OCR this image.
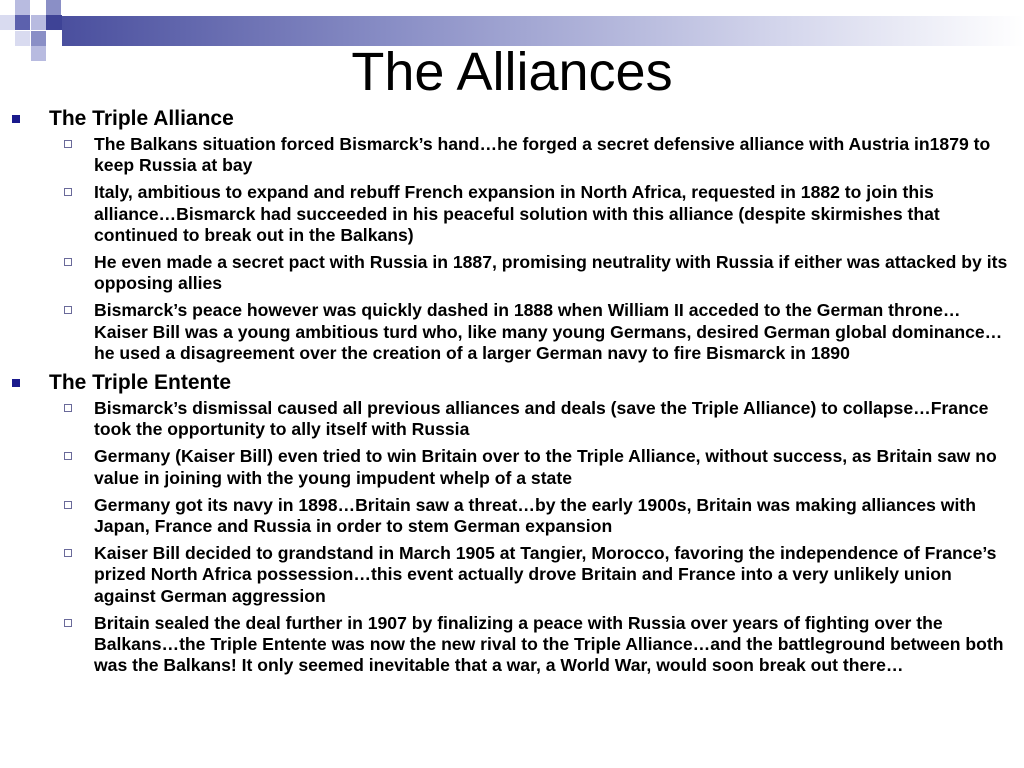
The Alliances
The Triple Alliance
The Balkans situation forced Bismarck’s hand…he forged a secret defensive alliance with Austria in1879 to keep Russia at bay
Italy, ambitious to expand and rebuff French expansion in North Africa, requested in 1882 to join this alliance…Bismarck had succeeded in his peaceful solution with this alliance (despite skirmishes that continued to break out in the Balkans)
He even made a secret pact with Russia in 1887, promising neutrality with Russia if either was attacked by its opposing allies
Bismarck’s peace however was quickly dashed in 1888 when William II acceded to the German throne…Kaiser Bill was a young ambitious turd who, like many young Germans, desired German global dominance…he used a disagreement over the creation of a larger German navy to fire Bismarck in 1890
The Triple Entente
Bismarck’s dismissal caused all previous alliances and deals (save the Triple Alliance) to collapse…France took the opportunity to ally itself with Russia
Germany (Kaiser Bill) even tried to win Britain over to the Triple Alliance, without success, as Britain saw no value in joining with the young impudent whelp of a state
Germany got its navy in 1898…Britain saw a threat…by the early 1900s, Britain was making alliances with Japan, France and Russia in order to stem German expansion
Kaiser Bill decided to grandstand in March 1905 at Tangier, Morocco, favoring the independence of France’s prized North Africa possession…this event actually drove Britain and France into a very unlikely union against German aggression
Britain sealed the deal further in 1907 by finalizing a peace with Russia over years of fighting over the Balkans…the Triple Entente was now the new rival to the Triple Alliance…and the battleground between both was the Balkans! It only seemed inevitable that a war, a World War, would soon break out there…
